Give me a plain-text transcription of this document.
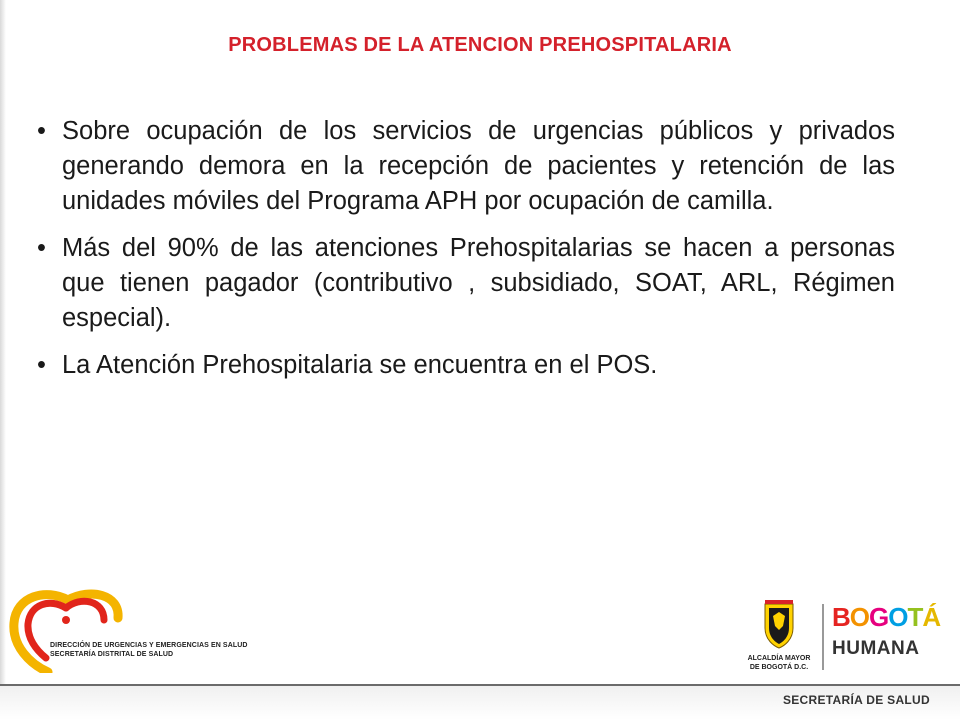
PROBLEMAS DE LA ATENCION PREHOSPITALARIA
• Sobre ocupación de los servicios de urgencias públicos y privados generando demora en la recepción de pacientes y retención de las unidades móviles del Programa APH por ocupación de camilla.
• Más del 90% de las atenciones Prehospitalarias se hacen a personas que tienen pagador (contributivo , subsidiado, SOAT, ARL, Régimen especial).
• La Atención Prehospitalaria se encuentra en el POS.
DIRECCIÓN DE URGENCIAS Y EMERGENCIAS EN SALUD
SECRETARÍA DISTRITAL DE SALUD
ALCALDÍA MAYOR
DE BOGOTÁ D.C.
BOGOTÁ
HUMANA
SECRETARÍA DE SALUD
